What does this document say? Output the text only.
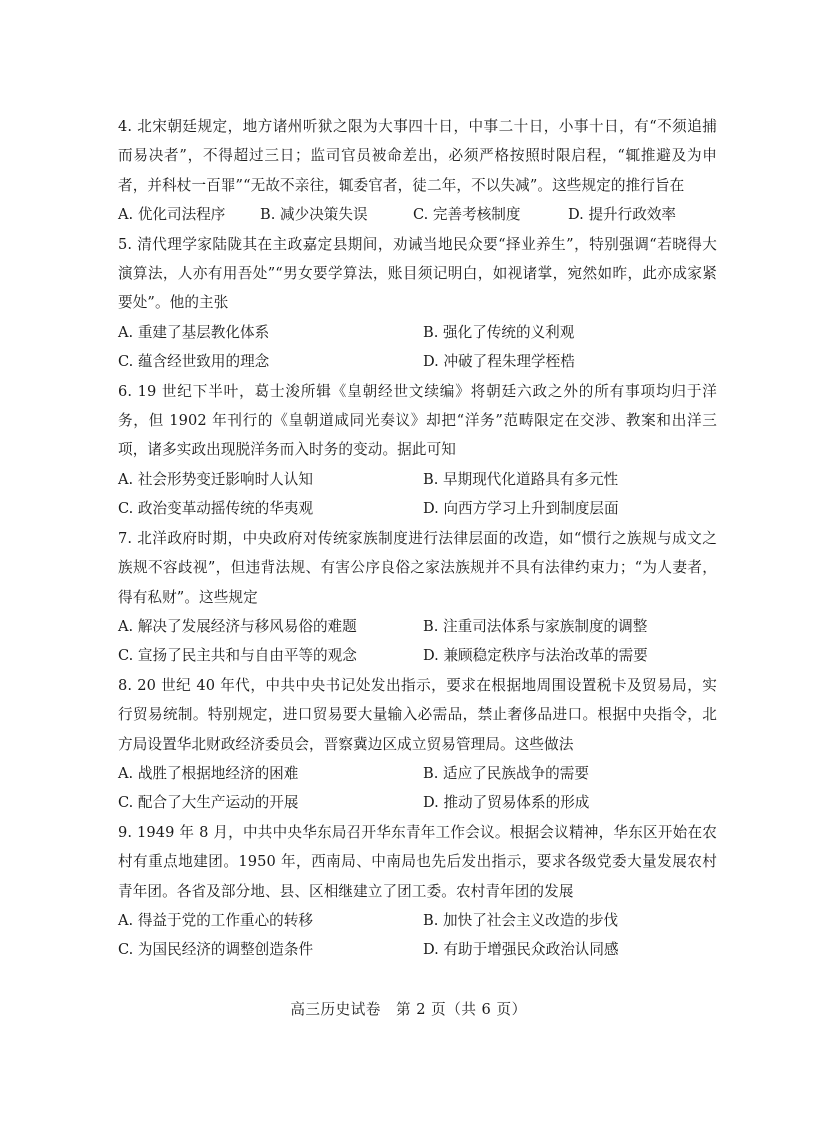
4. 北宋朝廷规定，地方诸州听狱之限为大事四十日，中事二十日，小事十日，有“不须追捕而易决者”，不得超过三日；监司官员被命差出，必须严格按照时限启程，“辄推避及为申者，并科杖一百罪”“无故不亲往，辄委官者，徒二年，不以失减”。这些规定的推行旨在
A. 优化司法程序	B. 减少决策失误	C. 完善考核制度	D. 提升行政效率
5. 清代理学家陆陇其在主政嘉定县期间，劝诫当地民众要“择业养生”，特别强调“若晓得大演算法，人亦有用吾处”“男女要学算法，账目须记明白，如视诸掌，宛然如昨，此亦成家紧要处”。他的主张
A. 重建了基层教化体系	B. 强化了传统的义利观
C. 蕴含经世致用的理念	D. 冲破了程朱理学桎梏
6. 19 世纪下半叶，葛士浚所辑《皇朝经世文续编》将朝廷六政之外的所有事项均归于洋务，但 1902 年刊行的《皇朝道咸同光奏议》却把“洋务”范畴限定在交涉、教案和出洋三项，诸多实政出现脱洋务而入时务的变动。据此可知
A. 社会形势变迁影响时人认知	B. 早期现代化道路具有多元性
C. 政治变革动摇传统的华夷观	D. 向西方学习上升到制度层面
7. 北洋政府时期，中央政府对传统家族制度进行法律层面的改造，如“惯行之族规与成文之族规不容歧视”，但违背法规、有害公序良俗之家法族规并不具有法律约束力；“为人妻者，得有私财”。这些规定
A. 解决了发展经济与移风易俗的难题	B. 注重司法体系与家族制度的调整
C. 宣扬了民主共和与自由平等的观念	D. 兼顾稳定秩序与法治改革的需要
8. 20 世纪 40 年代，中共中央书记处发出指示，要求在根据地周围设置税卡及贸易局，实行贸易统制。特别规定，进口贸易要大量输入必需品，禁止奢侈品进口。根据中央指令，北方局设置华北财政经济委员会，晋察冀边区成立贸易管理局。这些做法
A. 战胜了根据地经济的困难	B. 适应了民族战争的需要
C. 配合了大生产运动的开展	D. 推动了贸易体系的形成
9. 1949 年 8 月，中共中央华东局召开华东青年工作会议。根据会议精神，华东区开始在农村有重点地建团。1950 年，西南局、中南局也先后发出指示，要求各级党委大量发展农村青年团。各省及部分地、县、区相继建立了团工委。农村青年团的发展
A. 得益于党的工作重心的转移	B. 加快了社会主义改造的步伐
C. 为国民经济的调整创造条件	D. 有助于增强民众政治认同感
高三历史试卷　第 2 页（共 6 页）
